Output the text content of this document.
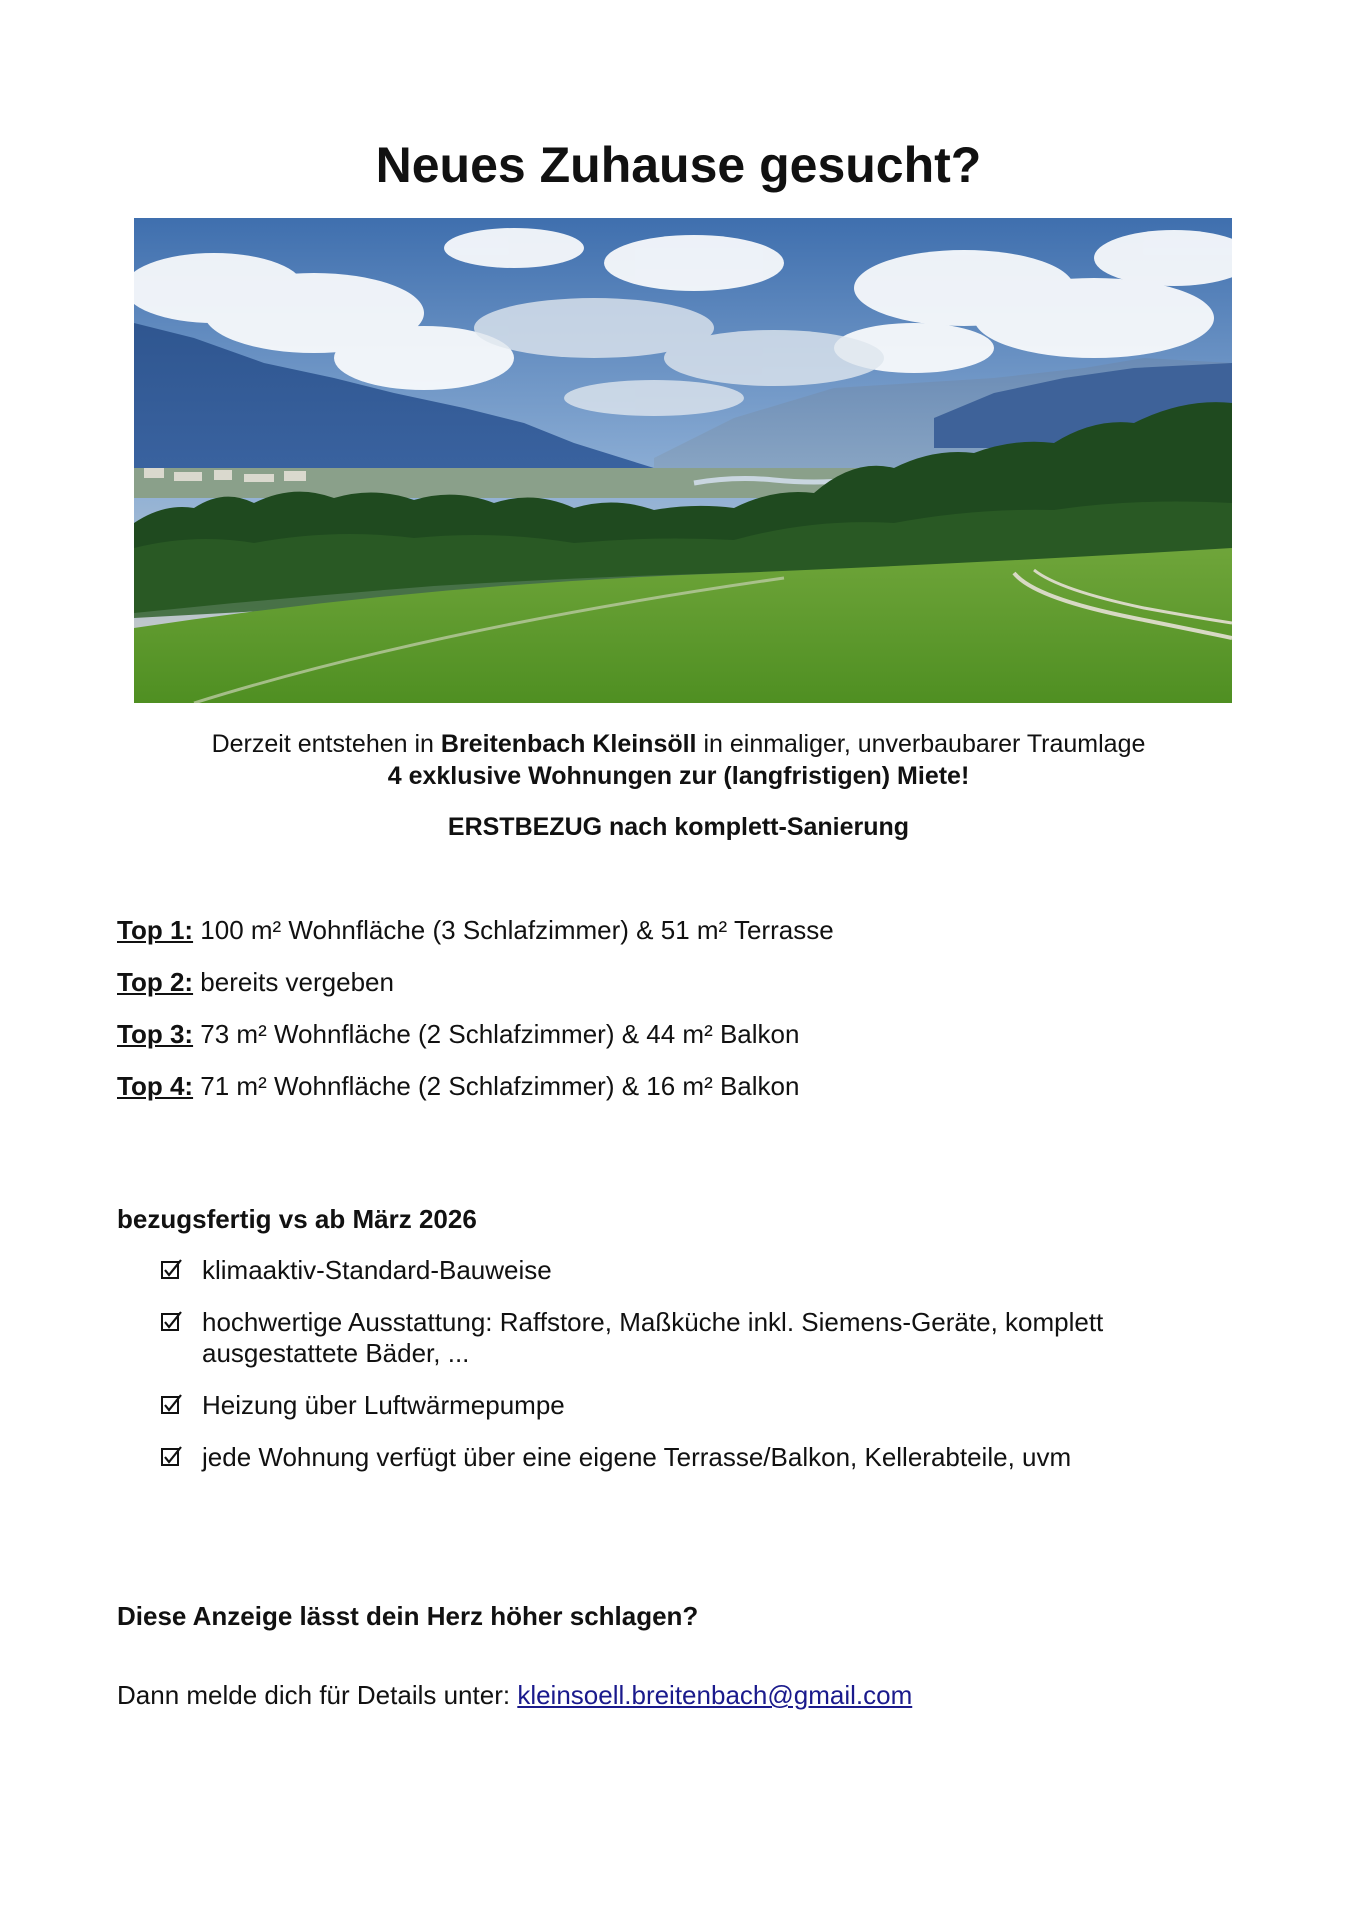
Neues Zuhause gesucht?
Derzeit entstehen in Breitenbach Kleinsöll in einmaliger, unverbaubarer Traumlage
4 exklusive Wohnungen zur (langfristigen) Miete!
ERSTBEZUG nach komplett-Sanierung
Top 1: 100 m² Wohnfläche (3 Schlafzimmer) & 51 m² Terrasse
Top 2: bereits vergeben
Top 3: 73 m² Wohnfläche (2 Schlafzimmer) & 44 m² Balkon
Top 4: 71 m² Wohnfläche (2 Schlafzimmer) & 16 m² Balkon
bezugsfertig vs ab März 2026
klimaaktiv-Standard-Bauweise
hochwertige Ausstattung: Raffstore, Maßküche inkl. Siemens-Geräte, komplett ausgestattete Bäder, ...
Heizung über Luftwärmepumpe
jede Wohnung verfügt über eine eigene Terrasse/Balkon, Kellerabteile, uvm
Diese Anzeige lässt dein Herz höher schlagen?
Dann melde dich für Details unter: kleinsoell.breitenbach@gmail.com
